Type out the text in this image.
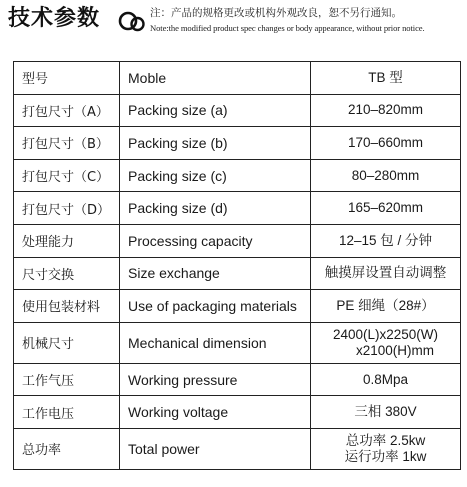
技术参数	注：产品的规格更改或机构外观改良，恕不另行通知。
Note:the modified product spec changes or body appearance, without prior notice.
型号	Moble	TB 型

打包尺寸（A）	Packing size (a)	210–820mm

打包尺寸（B）	Packing size (b)	170–660mm

打包尺寸（C）	Packing size (c)	80–280mm

打包尺寸（D）	Packing size (d)	165–620mm

处理能力	Processing capacity	12–15 包 / 分钟

尺寸交换	Size exchange	触摸屏设置自动调整

使用包装材料	Use of packaging materials	PE 细绳（28#）

机械尺寸	Mechanical dimension	2400(L)x2250(W)
x2100(H)mm

工作气压	Working pressure	0.8Mpa

工作电压	Working voltage	三相 380V

总功率	Total power	总功率 2.5kw
运行功率 1kw
